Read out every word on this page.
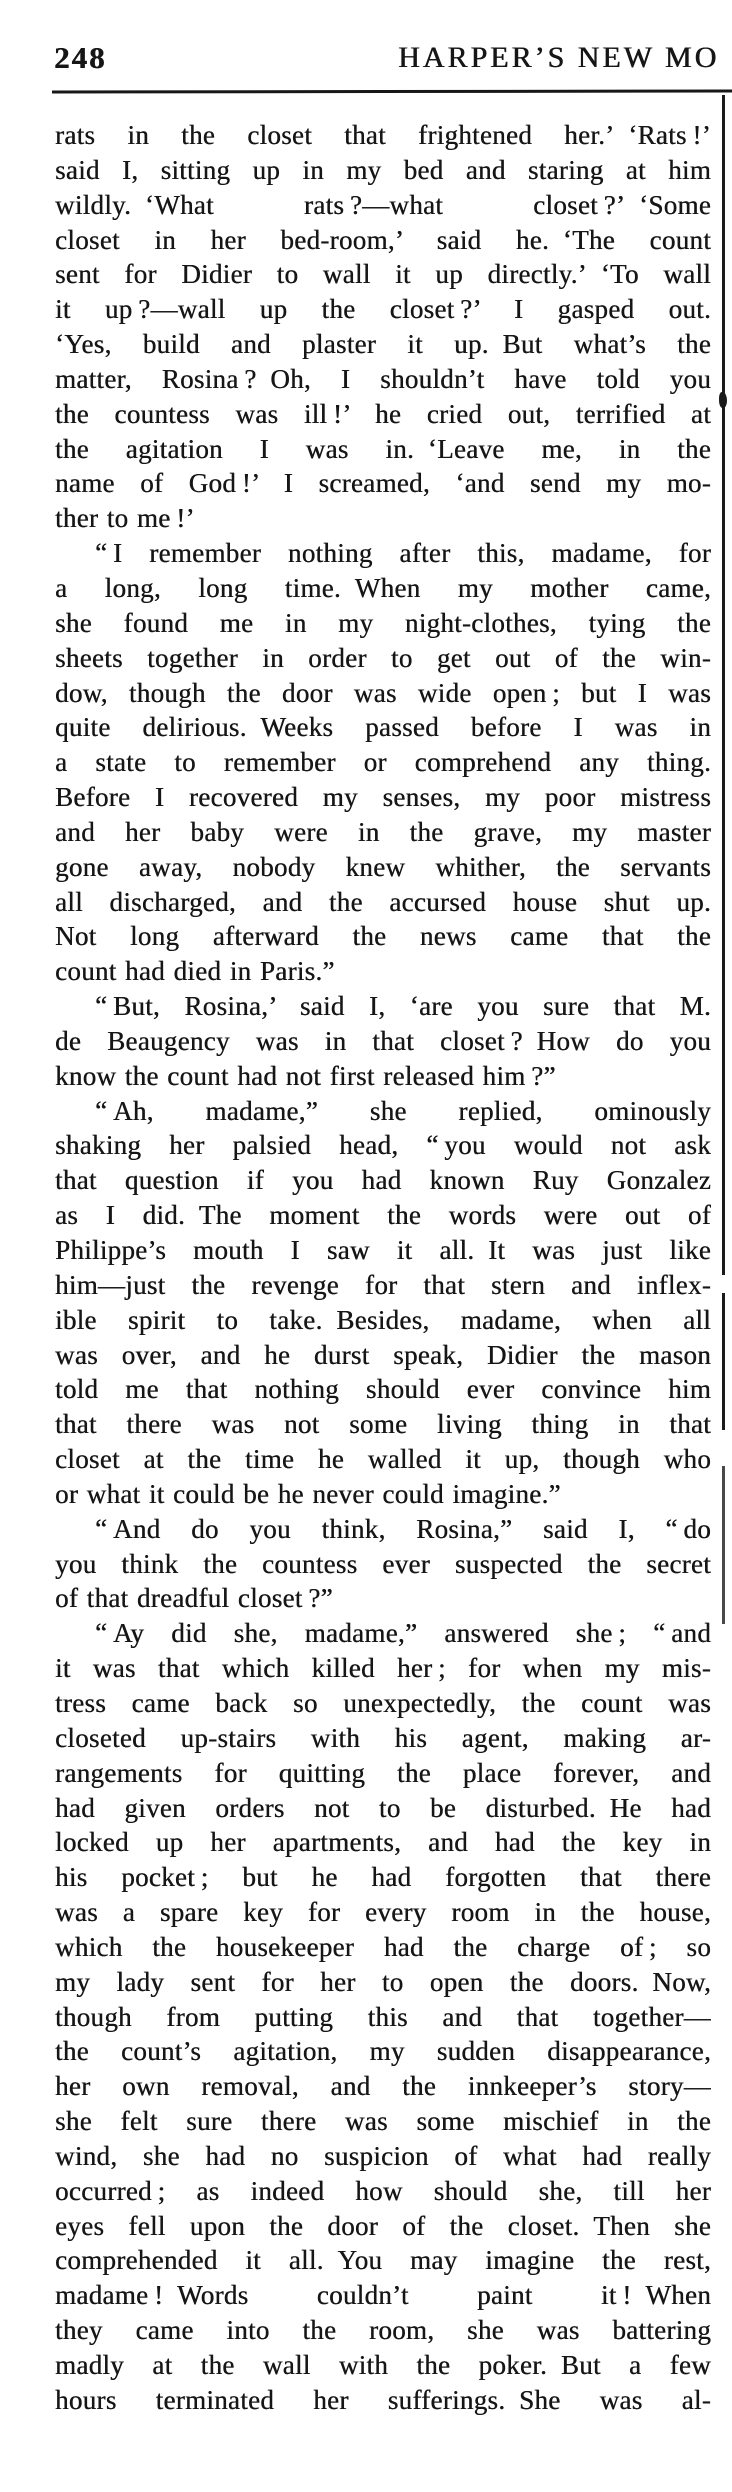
248	HARPER’S NEW MO
rats in the closet that frightened her.’ ‘Rats !’
said I, sitting up in my bed and staring at him
wildly. ‘What rats ?—what closet ?’ ‘Some
closet in her bed-room,’ said he. ‘The count
sent for Didier to wall it up directly.’ ‘To wall
it up ?—wall up the closet ?’ I gasped out.
‘Yes, build and plaster it up. But what’s the
matter, Rosina ? Oh, I shouldn’t have told you
the countess was ill !’ he cried out, terrified at
the agitation I was in. ‘Leave me, in the
name of God !’ I screamed, ‘and send my mo-
ther to me !’
“ I remember nothing after this, madame, for
a long, long time. When my mother came,
she found me in my night-clothes, tying the
sheets together in order to get out of the win-
dow, though the door was wide open ; but I was
quite delirious. Weeks passed before I was in
a state to remember or comprehend any thing.
Before I recovered my senses, my poor mistress
and her baby were in the grave, my master
gone away, nobody knew whither, the servants
all discharged, and the accursed house shut up.
Not long afterward the news came that the
count had died in Paris.”
“ But, Rosina,’ said I, ‘are you sure that M.
de Beaugency was in that closet ? How do you
know the count had not first released him ?”
“ Ah, madame,” she replied, ominously
shaking her palsied head, “ you would not ask
that question if you had known Ruy Gonzalez
as I did. The moment the words were out of
Philippe’s mouth I saw it all. It was just like
him—just the revenge for that stern and inflex-
ible spirit to take. Besides, madame, when all
was over, and he durst speak, Didier the mason
told me that nothing should ever convince him
that there was not some living thing in that
closet at the time he walled it up, though who
or what it could be he never could imagine.”
“ And do you think, Rosina,” said I, “ do
you think the countess ever suspected the secret
of that dreadful closet ?”
“ Ay did she, madame,” answered she ; “ and
it was that which killed her ; for when my mis-
tress came back so unexpectedly, the count was
closeted up-stairs with his agent, making ar-
rangements for quitting the place forever, and
had given orders not to be disturbed. He had
locked up her apartments, and had the key in
his pocket ; but he had forgotten that there
was a spare key for every room in the house,
which the housekeeper had the charge of ; so
my lady sent for her to open the doors. Now,
though from putting this and that together—
the count’s agitation, my sudden disappearance,
her own removal, and the innkeeper’s story—
she felt sure there was some mischief in the
wind, she had no suspicion of what had really
occurred ; as indeed how should she, till her
eyes fell upon the door of the closet. Then she
comprehended it all. You may imagine the rest,
madame ! Words couldn’t paint it ! When
they came into the room, she was battering
madly at the wall with the poker. But a few
hours terminated her sufferings. She was al-
